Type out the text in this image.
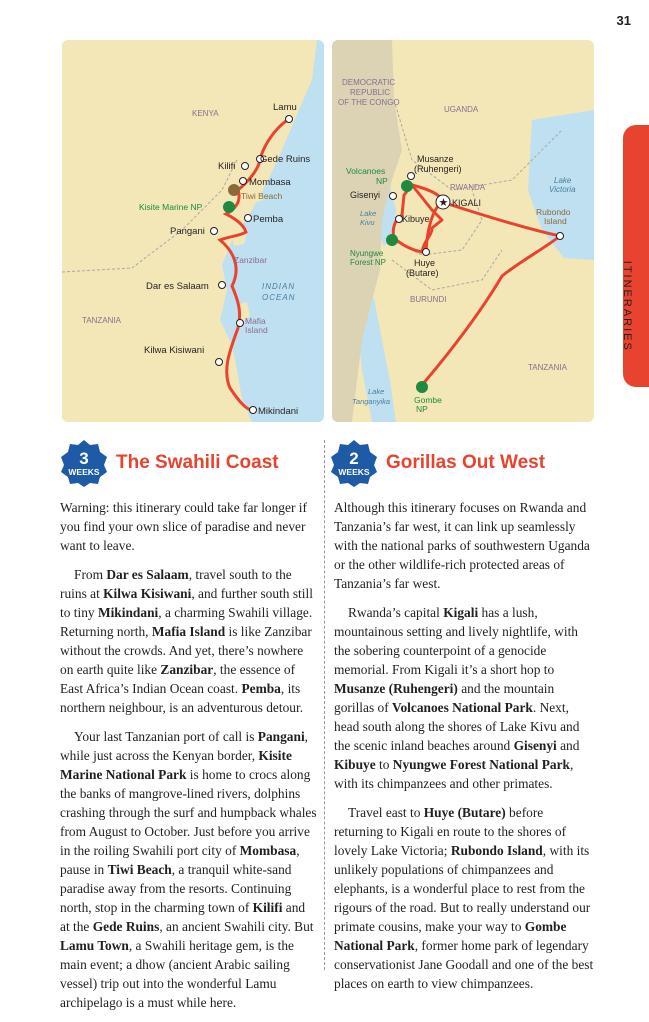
31
PLAN YOUR TRIP ITINERARIES
KENYA
TANZANIA
INDIAN
OCEAN
Lamu
Gede Ruins
Kilifi
Mombasa
Tiwi Beach
Kisite Marine NP
Pemba
Pangani
Zanzibar
Dar es Salaam
Mafia
Island
Kilwa Kisiwani
Mikindani
★
DEMOCRATIC
REPUBLIC
OF THE CONGO
UGANDA
Musanze
(Ruhengeri)
Volcanoes
NP
RWANDA
Gisenyi
KIGALI
Lake
Victoria
Lake
Kivu	Kibuye
Rubondo
Island
Nyungwe
Forest NP	Huye
(Butare)
BURUNDI
TANZANIA
Lake
Tanganyika	Gombe
NP
3
WEEKS The Swahili Coast	2
WEEKS Gorillas Out West

Warning: this itinerary could take far longer if you find your own slice of paradise and never want to leave.

From Dar es Salaam, travel south to the ruins at Kilwa Kisiwani, and further south still to tiny Mikindani, a charming Swahili village. Returning north, Mafia Island is like Zanzibar without the crowds. And yet, there’s nowhere on earth quite like Zanzibar, the essence of East Africa’s Indian Ocean coast. Pemba, its northern neighbour, is an adventurous detour.

Your last Tanzanian port of call is Pangani, while just across the Kenyan border, Kisite Marine National Park is home to crocs along the banks of mangrove-lined rivers, dolphins crashing through the surf and humpback whales from August to October. Just before you arrive in the roiling Swahili port city of Mombasa, pause in Tiwi Beach, a tranquil white-sand paradise away from the resorts. Continuing north, stop in the charming town of Kilifi and at the Gede Ruins, an ancient Swahili city. But Lamu Town, a Swahili heritage gem, is the main event; a dhow (ancient Arabic sailing vessel) trip out into the wonderful Lamu archipelago is a must while here.

Although this itinerary focuses on Rwanda and Tanzania’s far west, it can link up seamlessly with the national parks of southwestern Uganda or the other wildlife-rich protected areas of Tanzania’s far west.

Rwanda’s capital Kigali has a lush, mountainous setting and lively nightlife, with the sobering counterpoint of a genocide memorial. From Kigali it’s a short hop to Musanze (Ruhengeri) and the mountain gorillas of Volcanoes National Park. Next, head south along the shores of Lake Kivu and the scenic inland beaches around Gisenyi and Kibuye to Nyungwe Forest National Park, with its chimpanzees and other primates.

Travel east to Huye (Butare) before returning to Kigali en route to the shores of lovely Lake Victoria; Rubondo Island, with its unlikely populations of chimpanzees and elephants, is a wonderful place to rest from the rigours of the road. But to really understand our primate cousins, make your way to Gombe National Park, former home park of legendary conservationist Jane Goodall and one of the best places on earth to view chimpanzees.
